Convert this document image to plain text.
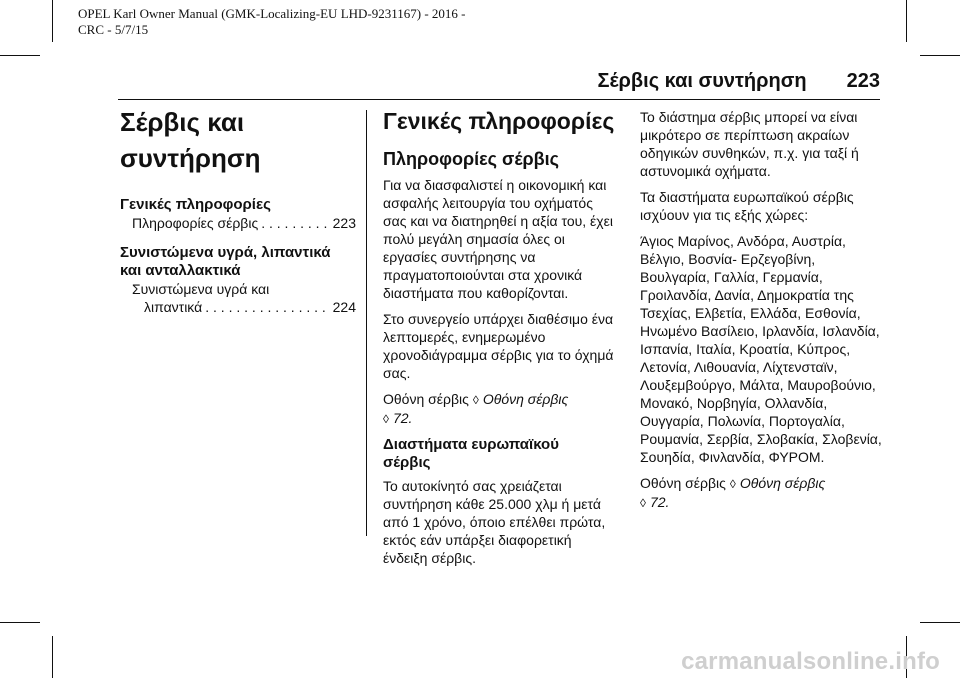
OPEL Karl Owner Manual (GMK-Localizing-EU LHD-9231167) - 2016 -
CRC - 5/7/15
Σέρβις και συντήρηση 223
Σέρβις και
συντήρηση
Γενικές πληροφορίες
Πληροφορίες σέρβις . . .	223
Συνιστώμενα υγρά, λιπαντικά
και ανταλλακτικά
Συνιστώμενα υγρά και
λιπαντικά . . .	224
Γενικές πληροφορίες
Πληροφορίες σέρβις

Για να διασφαλιστεί η οικονομική και ασφαλής λειτουργία του οχήματός σας και να διατηρηθεί η αξία του, έχει πολύ μεγάλη σημασία όλες οι εργασίες συντήρησης να πραγματοποιούνται στα χρονικά διαστήματα που καθορίζονται.

Στο συνεργείο υπάρχει διαθέσιμο ένα λεπτομερές, ενημερωμένο χρονοδιάγραμμα σέρβις για το όχημά σας.

Οθόνη σέρβις ◊ Οθόνη σέρβις
◊ 72.

Διαστήματα ευρωπαϊκού
σέρβις

Το αυτοκίνητό σας χρειάζεται συντήρηση κάθε 25.000 χλμ ή μετά από 1 χρόνο, όποιο επέλθει πρώτα, εκτός εάν υπάρξει διαφορετική ένδειξη σέρβις.

Το διάστημα σέρβις μπορεί να είναι μικρότερο σε περίπτωση ακραίων οδηγικών συνθηκών, π.χ. για ταξί ή αστυνομικά οχήματα.

Τα διαστήματα ευρωπαϊκού σέρβις ισχύουν για τις εξής χώρες:

Άγιος Μαρίνος, Ανδόρα, Αυστρία, Βέλγιο, Βοσνία- Ερζεγοβίνη, Βουλγαρία, Γαλλία, Γερμανία, Γροιλανδία, Δανία, Δημοκρατία της Τσεχίας, Ελβετία, Ελλάδα, Εσθονία, Ηνωμένο Βασίλειο, Ιρλανδία, Ισλανδία, Ισπανία, Ιταλία, Κροατία, Κύπρος, Λετονία, Λιθουανία, Λίχτενσταϊν, Λουξεμβούργο, Μάλτα, Μαυροβούνιο, Μονακό, Νορβηγία, Ολλανδία, Ουγγαρία, Πολωνία, Πορτογαλία, Ρουμανία, Σερβία, Σλοβακία, Σλοβενία, Σουηδία, Φινλανδία, ΦΥΡΟΜ.

Οθόνη σέρβις ◊ Οθόνη σέρβις
◊ 72.

carmanualsonline.info
